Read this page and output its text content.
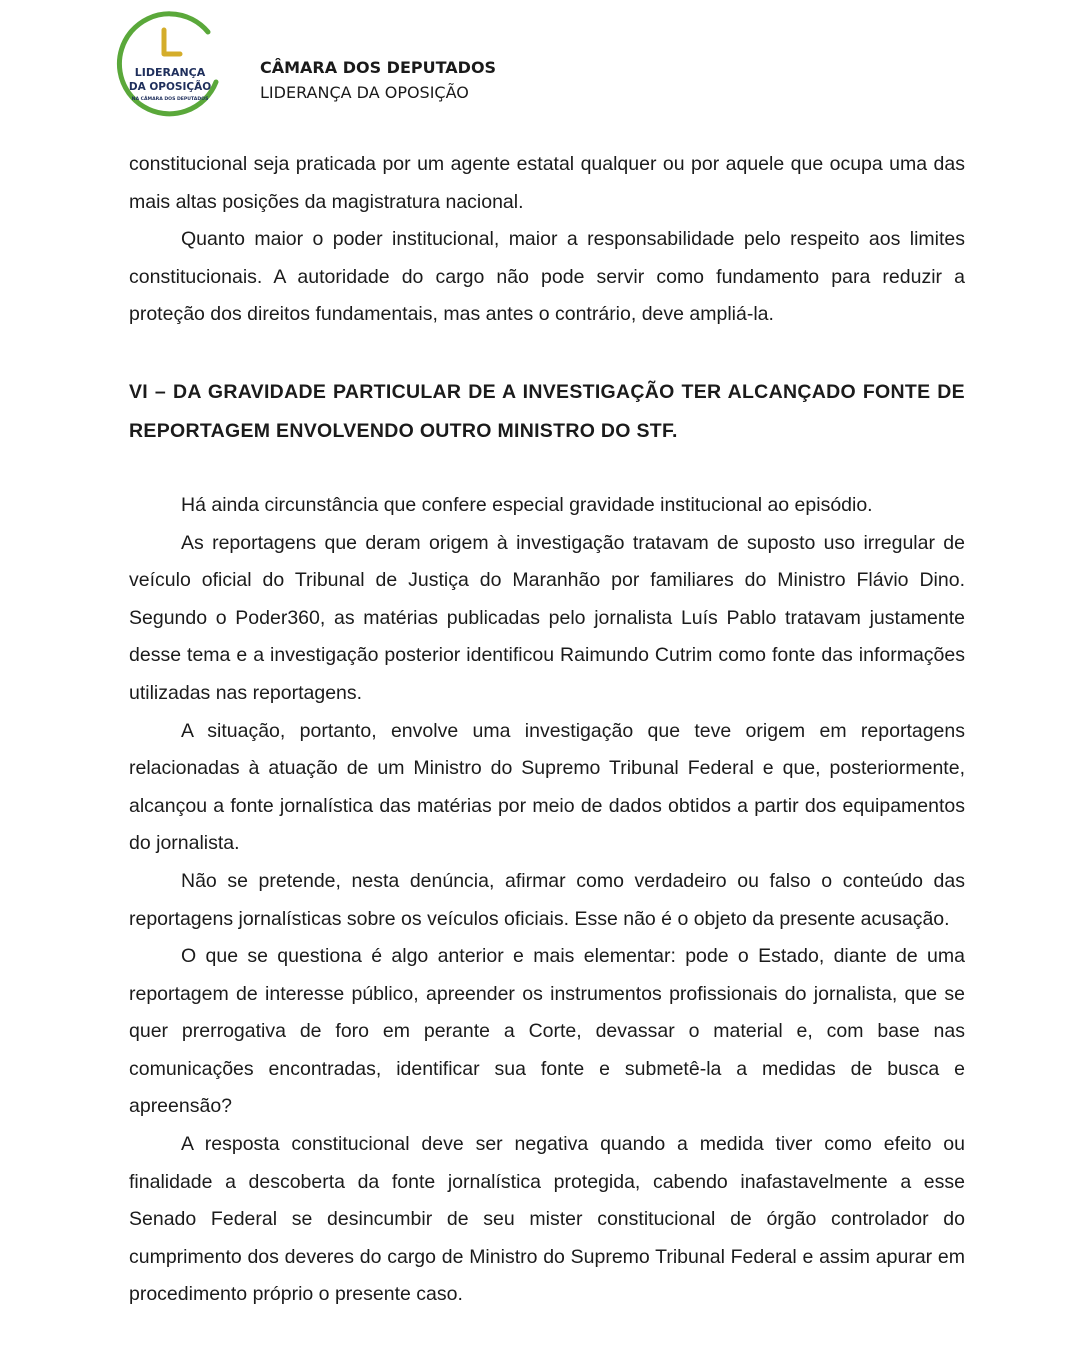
LIDERANÇA
DA OPOSIÇÃO
NA CÂMARA DOS DEPUTADOS
CÂMARA DOS DEPUTADOS
LIDERANÇA DA OPOSIÇÃO

constitucional seja praticada por um agente estatal qualquer ou por aquele que ocupa uma das mais altas posições da magistratura nacional.

Quanto maior o poder institucional, maior a responsabilidade pelo respeito aos limites constitucionais. A autoridade do cargo não pode servir como fundamento para reduzir a proteção dos direitos fundamentais, mas antes o contrário, deve ampliá-la.

VI – DA GRAVIDADE PARTICULAR DE A INVESTIGAÇÃO TER ALCANÇADO FONTE DE REPORTAGEM ENVOLVENDO OUTRO MINISTRO DO STF.

Há ainda circunstância que confere especial gravidade institucional ao episódio.

As reportagens que deram origem à investigação tratavam de suposto uso irregular de veículo oficial do Tribunal de Justiça do Maranhão por familiares do Ministro Flávio Dino. Segundo o Poder360, as matérias publicadas pelo jornalista Luís Pablo tratavam justamente desse tema e a investigação posterior identificou Raimundo Cutrim como fonte das informações utilizadas nas reportagens.

A situação, portanto, envolve uma investigação que teve origem em reportagens relacionadas à atuação de um Ministro do Supremo Tribunal Federal e que, posteriormente, alcançou a fonte jornalística das matérias por meio de dados obtidos a partir dos equipamentos do jornalista.

Não se pretende, nesta denúncia, afirmar como verdadeiro ou falso o conteúdo das reportagens jornalísticas sobre os veículos oficiais. Esse não é o objeto da presente acusação.

O que se questiona é algo anterior e mais elementar: pode o Estado, diante de uma reportagem de interesse público, apreender os instrumentos profissionais do jornalista, que se quer prerrogativa de foro em perante a Corte, devassar o material e, com base nas comunicações encontradas, identificar sua fonte e submetê-la a medidas de busca e apreensão?

A resposta constitucional deve ser negativa quando a medida tiver como efeito ou finalidade a descoberta da fonte jornalística protegida, cabendo inafastavelmente a esse Senado Federal se desincumbir de seu mister constitucional de órgão controlador do cumprimento dos deveres do cargo de Ministro do Supremo Tribunal Federal e assim apurar em procedimento próprio o presente caso.
